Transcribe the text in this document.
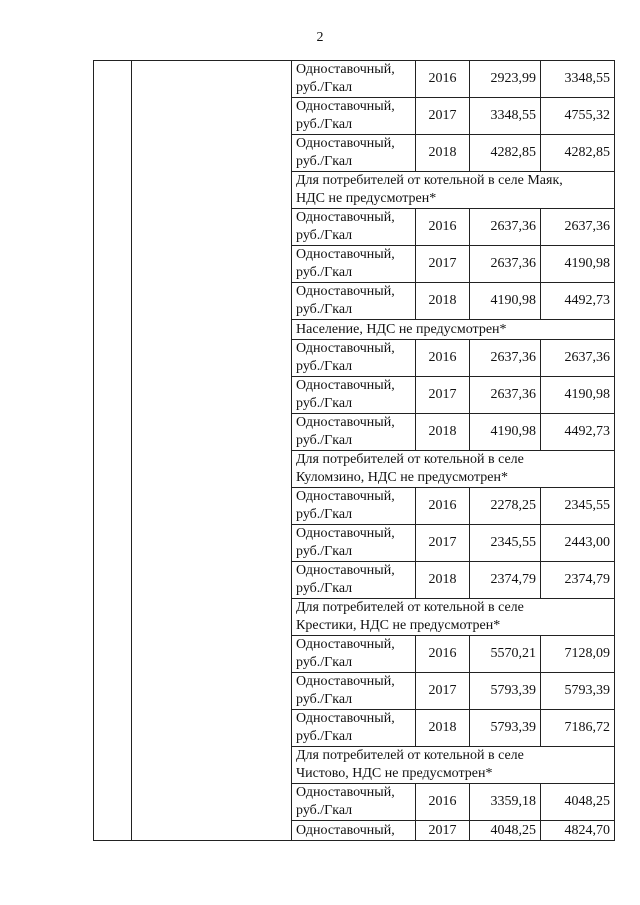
2

		Одноставочный,
руб./Гкал	2016	2923,99	3348,55

		Одноставочный,
руб./Гкал	2017	3348,55	4755,32

		Одноставочный,
руб./Гкал	2018	4282,85	4282,85

		Для потребителей от котельной в селе Маяк,
НДС не предусмотрен*			

		Одноставочный,
руб./Гкал	2016	2637,36	2637,36

		Одноставочный,
руб./Гкал	2017	2637,36	4190,98

		Одноставочный,
руб./Гкал	2018	4190,98	4492,73

		Население, НДС не предусмотрен*			

		Одноставочный,
руб./Гкал	2016	2637,36	2637,36

		Одноставочный,
руб./Гкал	2017	2637,36	4190,98

		Одноставочный,
руб./Гкал	2018	4190,98	4492,73

		Для потребителей от котельной в селе
Куломзино, НДС не предусмотрен*			

		Одноставочный,
руб./Гкал	2016	2278,25	2345,55

		Одноставочный,
руб./Гкал	2017	2345,55	2443,00

		Одноставочный,
руб./Гкал	2018	2374,79	2374,79

		Для потребителей от котельной в селе
Крестики, НДС не предусмотрен*			

		Одноставочный,
руб./Гкал	2016	5570,21	7128,09

		Одноставочный,
руб./Гкал	2017	5793,39	5793,39

		Одноставочный,
руб./Гкал	2018	5793,39	7186,72

		Для потребителей от котельной в селе
Чистово, НДС не предусмотрен*			

		Одноставочный,
руб./Гкал	2016	3359,18	4048,25

		Одноставочный,	2017	4048,25	4824,70
